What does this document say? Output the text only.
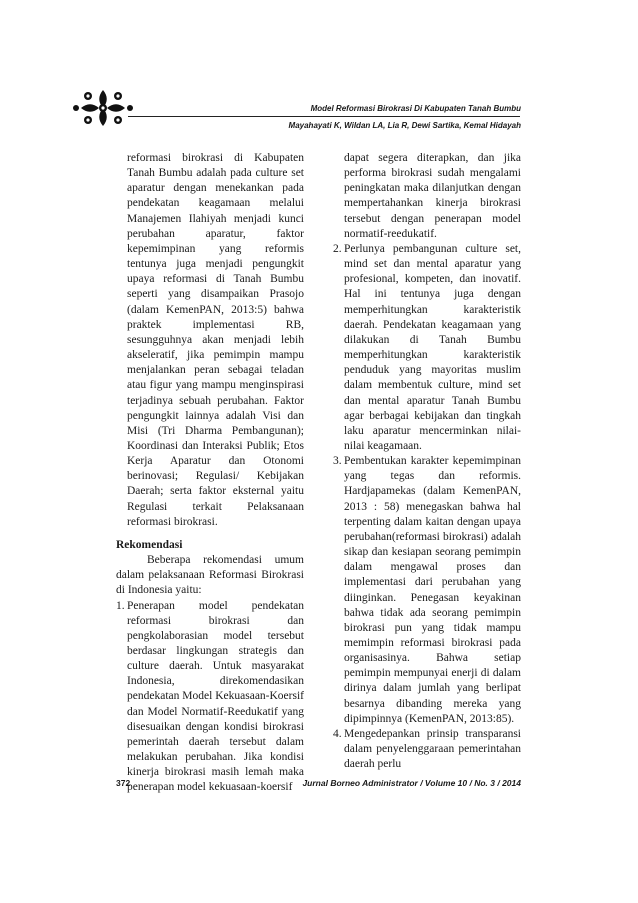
Model Reformasi Birokrasi Di Kabupaten Tanah Bumbu
Mayahayati K, Wildan LA, Lia R, Dewi Sartika, Kemal Hidayah

reformasi birokrasi di Kabupaten Tanah Bumbu adalah pada culture set aparatur dengan menekankan pada pendekatan keagamaan melalui Manajemen Ilahiyah menjadi kunci perubahan aparatur, faktor kepemimpinan yang reformis tentunya juga menjadi pengungkit upaya reformasi di Tanah Bumbu seperti yang disampaikan Prasojo (dalam KemenPAN, 2013:5) bahwa praktek implementasi RB, sesungguhnya akan menjadi lebih akseleratif, jika pemimpin mampu menjalankan peran sebagai teladan atau figur yang mampu menginspirasi terjadinya sebuah perubahan. Faktor pengungkit lainnya adalah Visi dan Misi (Tri Dharma Pembangunan); Koordinasi dan Interaksi Publik; Etos Kerja Aparatur dan Otonomi berinovasi; Regulasi/ Kebijakan Daerah; serta faktor eksternal yaitu Regulasi terkait Pelaksanaan reformasi birokrasi.

Rekomendasi

Beberapa rekomendasi umum dalam pelaksanaan Reformasi Birokrasi di Indonesia yaitu:

1. Penerapan model pendekatan reformasi birokrasi dan pengkolaborasian model tersebut berdasar lingkungan strategis dan culture daerah. Untuk masyarakat Indonesia, direkomendasikan pendekatan Model Kekuasaan-Koersif dan Model Normatif-Reedukatif yang disesuaikan dengan kondisi birokrasi pemerintah daerah tersebut dalam melakukan perubahan. Jika kondisi kinerja birokrasi masih lemah maka penerapan model kekuasaan-koersif

dapat segera diterapkan, dan jika performa birokrasi sudah mengalami peningkatan maka dilanjutkan dengan mempertahankan kinerja birokrasi tersebut dengan penerapan model normatif-reedukatif.

2. Perlunya pembangunan culture set, mind set dan mental aparatur yang profesional, kompeten, dan inovatif. Hal ini tentunya juga dengan memperhitungkan karakteristik daerah. Pendekatan keagamaan yang dilakukan di Tanah Bumbu memperhitungkan karakteristik penduduk yang mayoritas muslim dalam membentuk culture, mind set dan mental aparatur Tanah Bumbu agar berbagai kebijakan dan tingkah laku aparatur mencerminkan nilai-nilai keagamaan.

3. Pembentukan karakter kepemimpinan yang tegas dan reformis. Hardjapamekas (dalam KemenPAN, 2013 : 58) menegaskan bahwa hal terpenting dalam kaitan dengan upaya perubahan(reformasi birokrasi) adalah sikap dan kesiapan seorang pemimpin dalam mengawal proses dan implementasi dari perubahan yang diinginkan. Penegasan keyakinan bahwa tidak ada seorang pemimpin birokrasi pun yang tidak mampu memimpin reformasi birokrasi pada organisasinya. Bahwa setiap pemimpin mempunyai enerji di dalam dirinya dalam jumlah yang berlipat besarnya dibanding mereka yang dipimpinnya (KemenPAN, 2013:85).

4. Mengedepankan prinsip transparansi dalam penyelenggaraan pemerintahan daerah perlu

372	Jurnal Borneo Administrator / Volume 10 / No. 3 / 2014
